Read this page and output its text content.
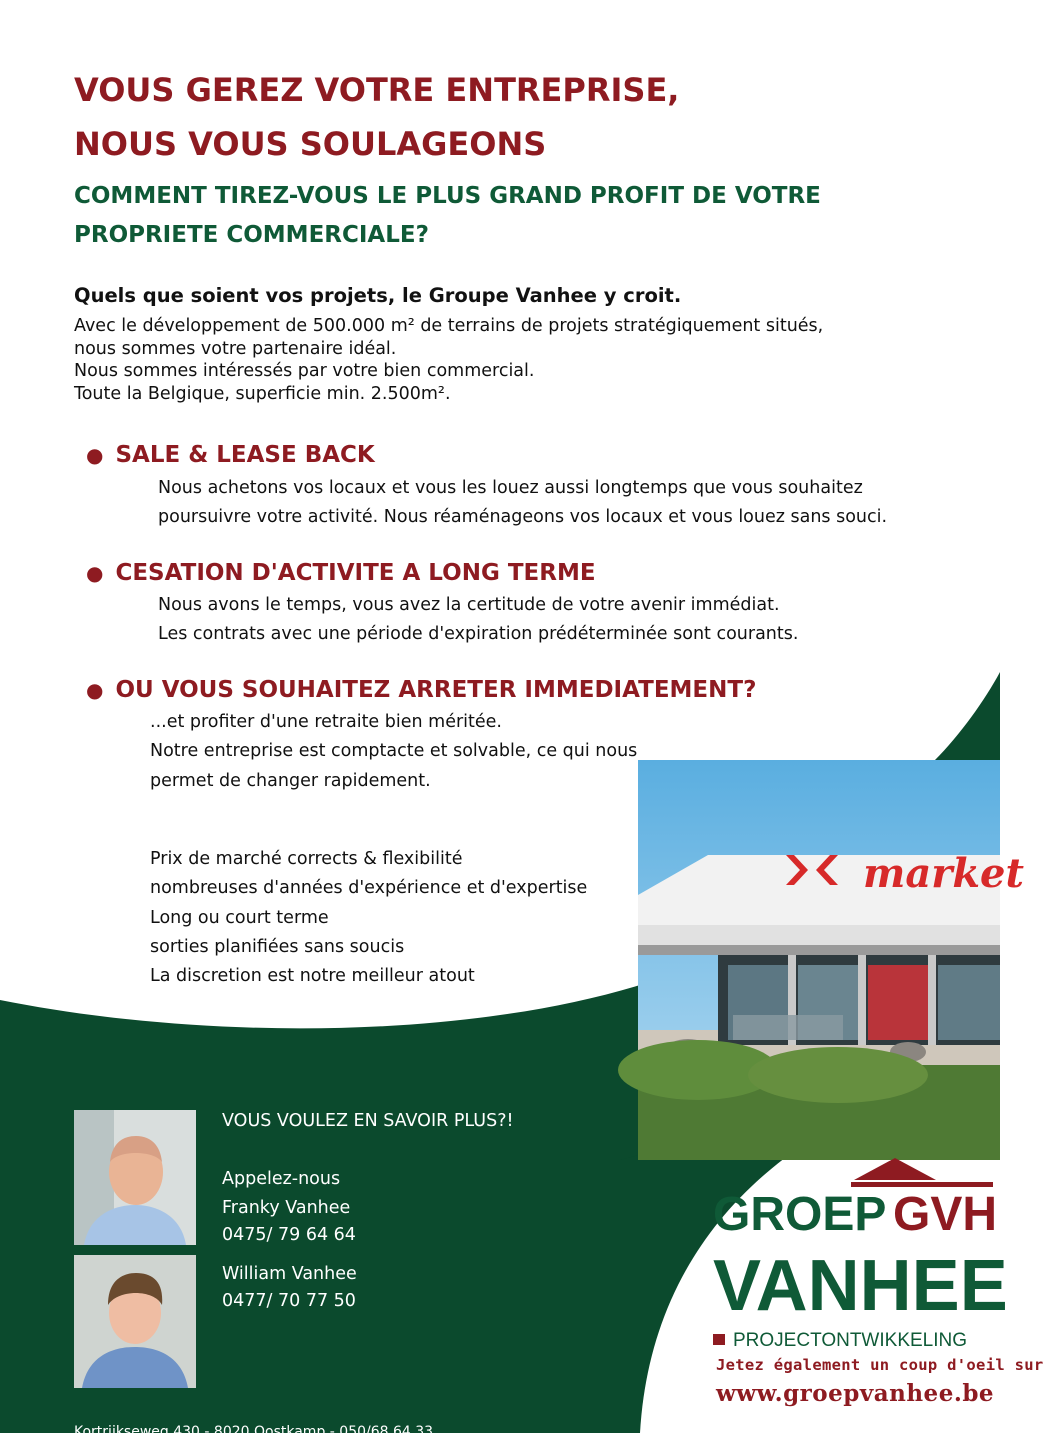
VOUS GEREZ VOTRE ENTREPRISE,
NOUS VOUS SOULAGEONS
COMMENT TIREZ-VOUS LE PLUS GRAND PROFIT DE VOTRE
PROPRIETE COMMERCIALE?
Quels que soient vos projets, le Groupe Vanhee y croit.
Avec le développement de 500.000 m² de terrains de projets stratégiquement situés,
nous sommes votre partenaire idéal.
Nous sommes intéressés par votre bien commercial.
Toute la Belgique, superficie min. 2.500m².
● SALE & LEASE BACK
Nous achetons vos locaux et vous les louez aussi longtemps que vous souhaitez
poursuivre votre activité. Nous réaménageons vos locaux et vous louez sans souci.
● CESATION D'ACTIVITE A LONG TERME
Nous avons le temps, vous avez la certitude de votre avenir immédiat.
Les contrats avec une période d'expiration prédéterminée sont courants.
● OU VOUS SOUHAITEZ ARRETER IMMEDIATEMENT?
...et profiter d'une retraite bien méritée.
Notre entreprise est comptacte et solvable, ce qui nous
permet de changer rapidement.
Prix de marché corrects & flexibilité
nombreuses d'années d'expérience et d'expertise
Long ou court terme
sorties planifiées sans soucis
La discretion est notre meilleur atout
market
VOUS VOULEZ EN SAVOIR PLUS?!
Appelez-nous
Franky Vanhee
0475/ 79 64 64
William Vanhee
0477/ 70 77 50
GROEP GVH
VANHEE
PROJECTONTWIKKELING
Jetez également un coup d'oeil sur
www.groepvanhee.be
Kortrijkseweg 430 - 8020 Oostkamp - 050/68 64 33
